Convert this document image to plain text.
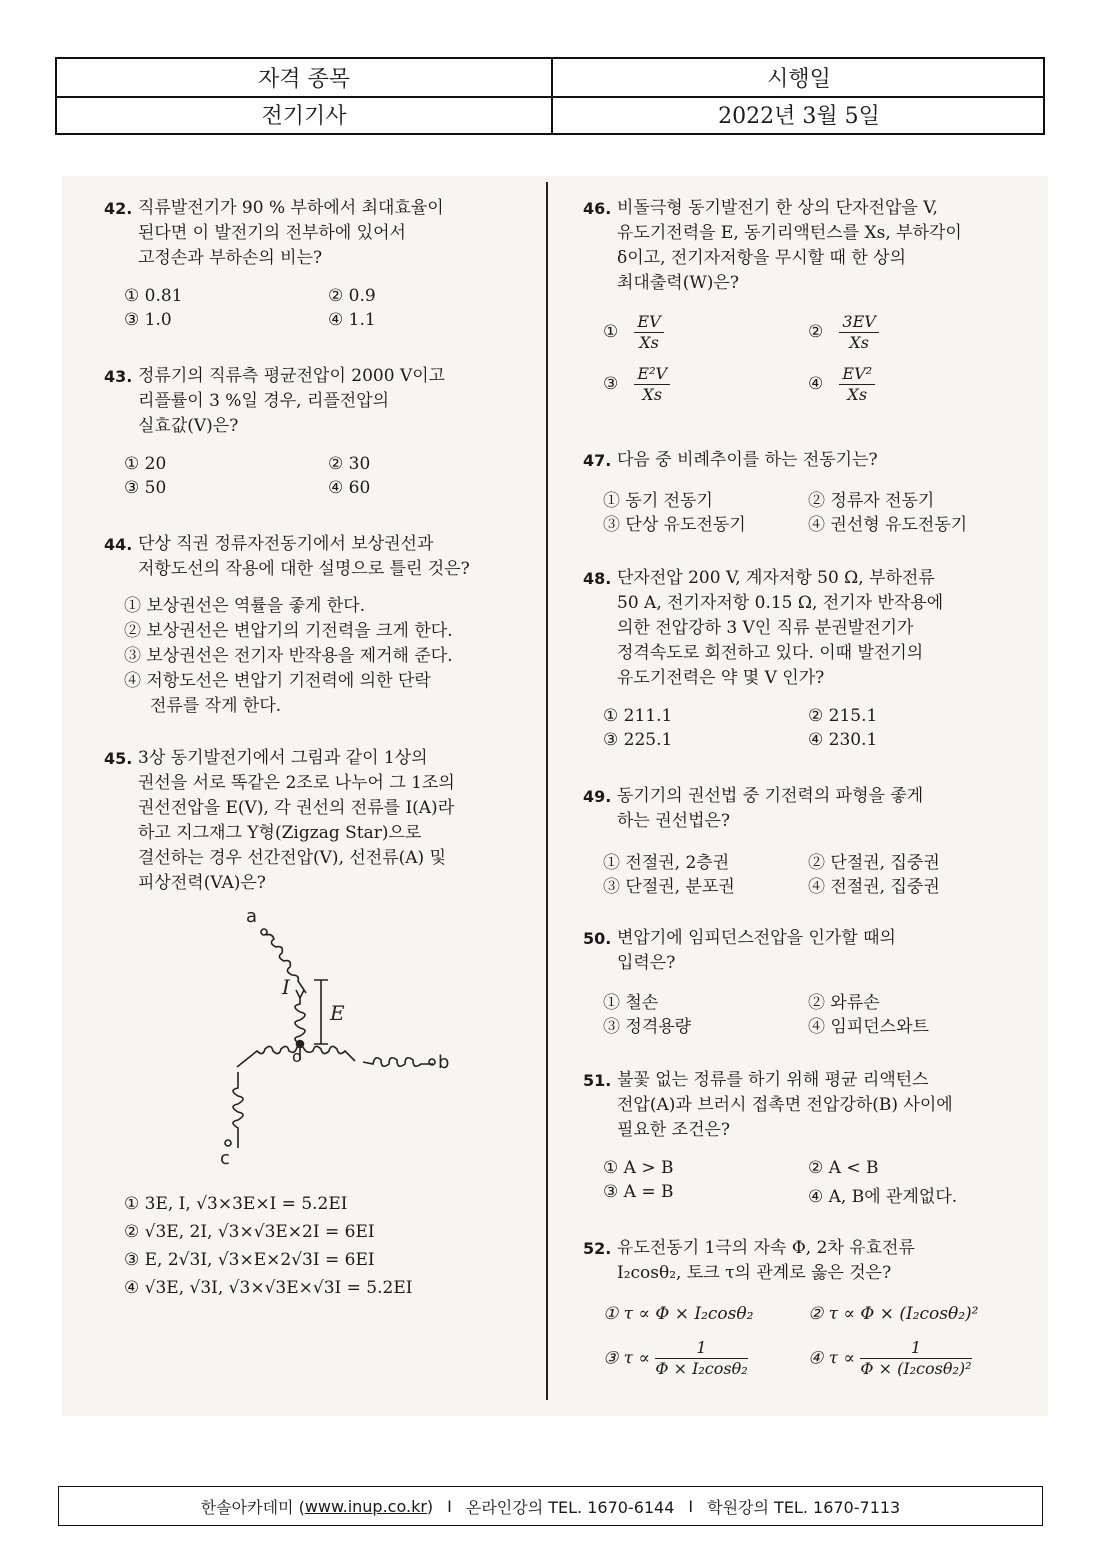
자격 종목	시행일
전기기사	2022년 3월 5일
42. 직류발전기가 90 % 부하에서 최대효율이
된다면 이 발전기의 전부하에 있어서
고정손과 부하손의 비는?
① 0.81	② 0.9
③ 1.0	④ 1.1
43. 정류기의 직류측 평균전압이 2000 V이고
리플률이 3 %일 경우, 리플전압의
실효값(V)은?
① 20	② 30
③ 50	④ 60
44. 단상 직권 정류자전동기에서 보상권선과
저항도선의 작용에 대한 설명으로 틀린 것은?
① 보상권선은 역률을 좋게 한다.
② 보상권선은 변압기의 기전력을 크게 한다.
③ 보상권선은 전기자 반작용을 제거해 준다.
④ 저항도선은 변압기 기전력에 의한 단락
전류를 작게 한다.
45. 3상 동기발전기에서 그림과 같이 1상의
권선을 서로 똑같은 2조로 나누어 그 1조의
권선전압을 E(V), 각 권선의 전류를 I(A)라
하고 지그재그 Y형(Zigzag Star)으로
결선하는 경우 선간전압(V), 선전류(A) 및
피상전력(VA)은?
a
b
c
o
I
E
① 3E, I, √3×3E×I = 5.2EI
② √3E, 2I, √3×√3E×2I = 6EI
③ E, 2√3I, √3×E×2√3I = 6EI
④ √3E, √3I, √3×√3E×√3I = 5.2EI
46. 비돌극형 동기발전기 한 상의 단자전압을 V,
유도기전력을 E, 동기리액턴스를 Xs, 부하각이
δ이고, 전기자저항을 무시할 때 한 상의
최대출력(W)은?
① $\frac{EV}{Xs}$	② $\frac{3EV}{Xs}$
③ $\frac{\text{E²V}}{Xs}$	④ $\frac{\text{EV²}}{Xs}$
47. 다음 중 비례추이를 하는 전동기는?
① 동기 전동기	② 정류자 전동기
③ 단상 유도전동기	④ 권선형 유도전동기
48. 단자전압 200 V, 계자저항 50 Ω, 부하전류
50 A, 전기자저항 0.15 Ω, 전기자 반작용에
의한 전압강하 3 V인 직류 분권발전기가
정격속도로 회전하고 있다. 이때 발전기의
유도기전력은 약 몇 V 인가?
① 211.1	② 215.1
③ 225.1	④ 230.1
49. 동기기의 권선법 중 기전력의 파형을 좋게
하는 권선법은?
① 전절권, 2층권	② 단절권, 집중권
③ 단절권, 분포권	④ 전절권, 집중권
50. 변압기에 임피던스전압을 인가할 때의
입력은?
① 철손	② 와류손
③ 정격용량	④ 임피던스와트
51. 불꽃 없는 정류를 하기 위해 평균 리액턴스
전압(A)과 브러시 접촉면 전압강하(B) 사이에
필요한 조건은?
① A > B	② A < B
③ A = B	④ A, B에 관계없다.
52. 유도전동기 1극의 자속 Φ, 2차 유효전류
I₂cosθ₂, 토크 τ의 관계로 옳은 것은?
① τ ∝ Φ × I₂cosθ₂	② τ ∝ Φ × (I₂cosθ₂)²
③ $\tau \propto \frac{1}{\text{Φ × I₂cosθ₂}}$	④ $\tau \propto \frac{1}{\text{Φ × (I₂cosθ₂)²}}$
한솔아카데미 ( www.inup.co.kr ) I 온라인강의 TEL. 1670-6144 I 학원강의 TEL. 1670-7113
